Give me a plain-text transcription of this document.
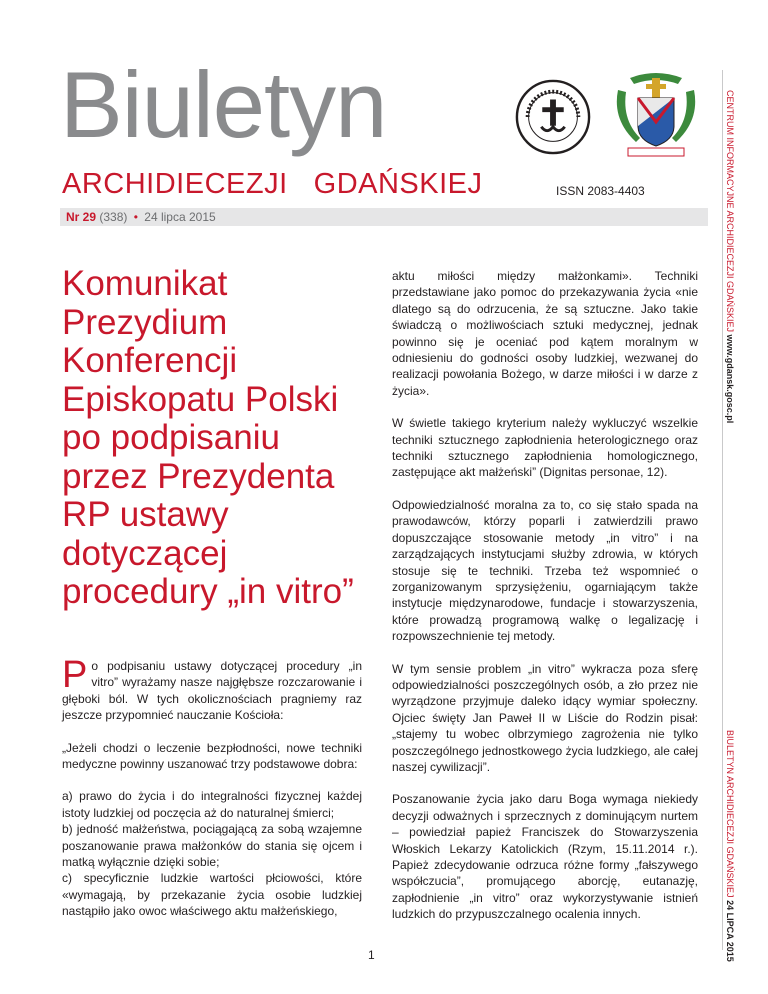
Biuletyn
ARCHIDIECEZJI GDAŃSKIEJ	ISSN 2083-4403
Nr 29 (338) • 24 lipca 2015	CENTRUM INFORMACYJNE ARCHIDIECEZJI GDAŃSKIEJ www.gdansk.gosc.pl
BIULETYN ARCHIDIECEZJI GDAŃSKIEJ 24 LIPCA 2015
Komunikat Prezydium Konferencji Episkopatu Polski po podpisaniu przez Prezydenta RP ustawy dotyczącej procedury „in vitro”

Po podpisaniu ustawy dotyczącej procedury „in vitro” wyrażamy nasze najgłębsze rozczarowanie i głęboki ból. W tych okolicznościach pragniemy raz jeszcze przypomnieć nauczanie Kościoła:

„Jeżeli chodzi o leczenie bezpłodności, nowe techniki medyczne powinny uszanować trzy podstawowe dobra:

a) prawo do życia i do integralności fizycznej każdej istoty ludzkiej od poczęcia aż do naturalnej śmierci;

b) jedność małżeństwa, pociągającą za sobą wzajemne poszanowanie prawa małżonków do stania się ojcem i matką wyłącznie dzięki sobie;

c) specyficznie ludzkie wartości płciowości, które «wymagają, by przekazanie życia osobie ludzkiej nastąpiło jako owoc właściwego aktu małżeńskiego,

aktu miłości między małżonkami». Techniki przedstawiane jako pomoc do przekazywania życia «nie dlatego są do odrzucenia, że są sztuczne. Jako takie świadczą o możliwościach sztuki medycznej, jednak powinno się je oceniać pod kątem moralnym w odniesieniu do godności osoby ludzkiej, wezwanej do realizacji powołania Bożego, w darze miłości i w darze z życia».

W świetle takiego kryterium należy wykluczyć wszelkie techniki sztucznego zapłodnienia heterologicznego oraz techniki sztucznego zapłodnienia homologicznego, zastępujące akt małżeński” (Dignitas personae, 12).

Odpowiedzialność moralna za to, co się stało spada na prawodawców, którzy poparli i zatwierdzili prawo dopuszczające stosowanie metody „in vitro” i na zarządzających instytucjami służby zdrowia, w których stosuje się te techniki. Trzeba też wspomnieć o zorganizowanym sprzysiężeniu, ogarniającym także instytucje międzynarodowe, fundacje i stowarzyszenia, które prowadzą programową walkę o legalizację i rozpowszechnienie tej metody.

W tym sensie problem „in vitro” wykracza poza sferę odpowiedzialności poszczególnych osób, a zło przez nie wyrządzone przyjmuje daleko idący wymiar społeczny. Ojciec święty Jan Paweł II w Liście do Rodzin pisał: „stajemy tu wobec olbrzymiego zagrożenia nie tylko poszczególnego jednostkowego życia ludzkiego, ale całej naszej cywilizacji”.

Poszanowanie życia jako daru Boga wymaga niekiedy decyzji odważnych i sprzecznych z dominującym nurtem – powiedział papież Franciszek do Stowarzyszenia Włoskich Lekarzy Katolickich (Rzym, 15.11.2014 r.). Papież zdecydowanie odrzuca różne formy „fałszywego współczucia”, promującego aborcję, eutanazję, zapłodnienie „in vitro” oraz wykorzystywanie istnień ludzkich do przypuszczalnego ocalenia innych.

1
